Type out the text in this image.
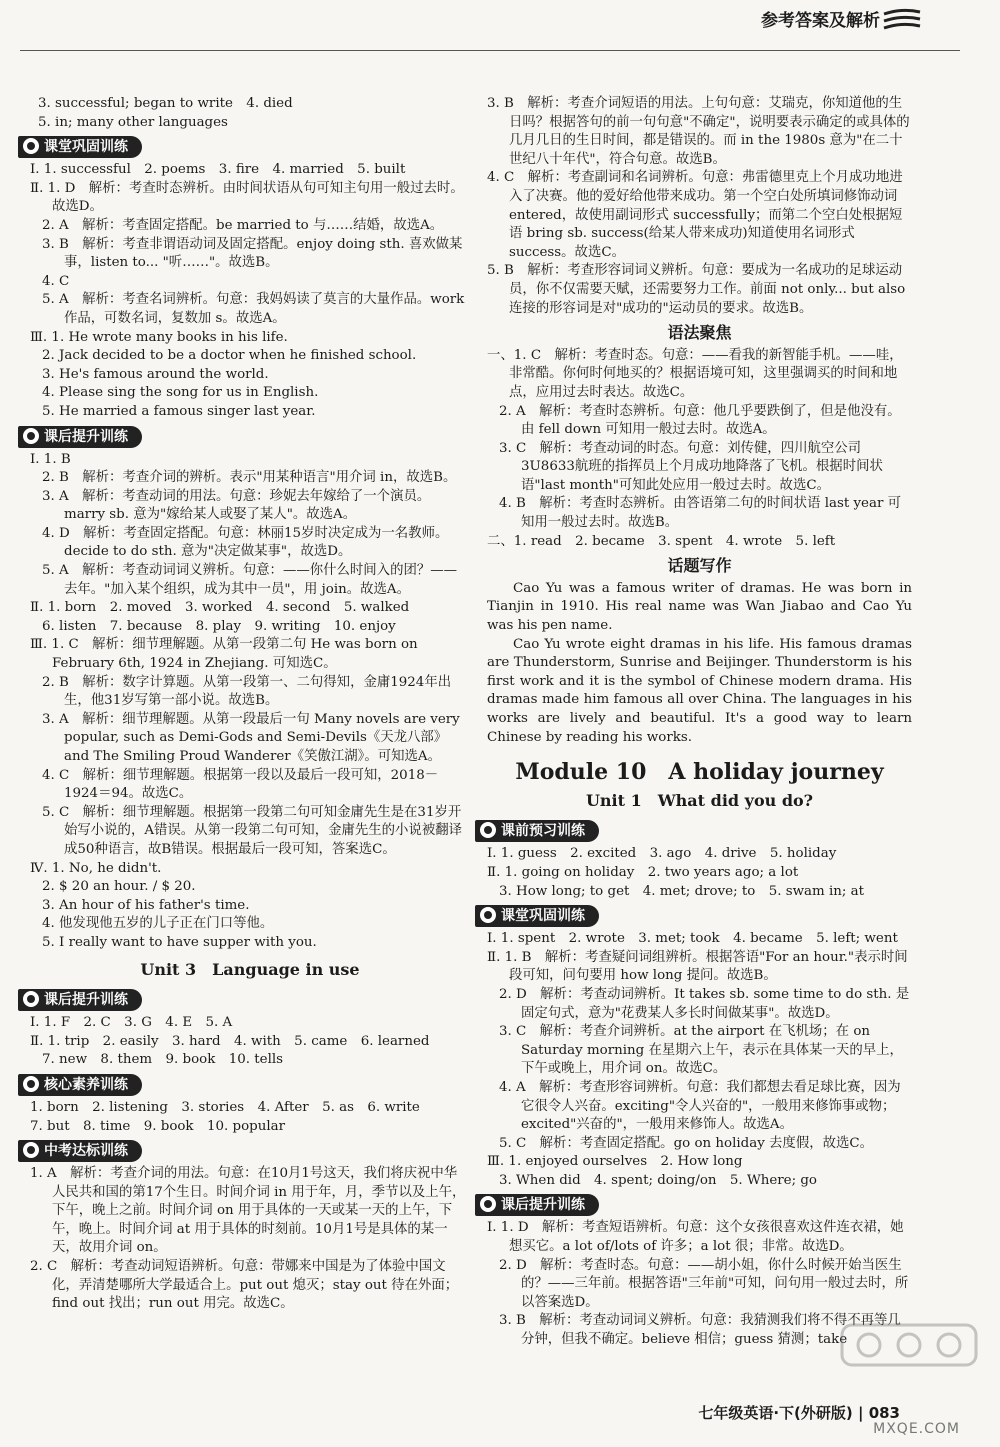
参考答案及解析

3. successful; began to write　4. died

5. in; many other languages

课堂巩固训练

Ⅰ. 1. successful　2. poems　3. fire　4. married　5. built

Ⅱ. 1. D　解析：考查时态辨析。由时间状语从句可知主句用一般过去时。故选D。

2. A　解析：考查固定搭配。be married to 与……结婚，故选A。

3. B　解析：考查非谓语动词及固定搭配。enjoy doing sth. 喜欢做某事，listen to... "听……"。故选B。

4. C

5. A　解析：考查名词辨析。句意：我妈妈读了莫言的大量作品。work 作品，可数名词，复数加 s。故选A。

Ⅲ. 1. He wrote many books in his life.

2. Jack decided to be a doctor when he finished school.

3. He's famous around the world.

4. Please sing the song for us in English.

5. He married a famous singer last year.

课后提升训练

Ⅰ. 1. B

2. B　解析：考查介词的辨析。表示"用某种语言"用介词 in，故选B。

3. A　解析：考查动词的用法。句意：珍妮去年嫁给了一个演员。marry sb. 意为"嫁给某人或娶了某人"。故选A。

4. D　解析：考查固定搭配。句意：林丽15岁时决定成为一名教师。decide to do sth. 意为"决定做某事"，故选D。

5. A　解析：考查动词词义辨析。句意：——你什么时间入的团？——去年。"加入某个组织，成为其中一员"，用 join。故选A。

Ⅱ. 1. born　2. moved　3. worked　4. second　5. walked

6. listen　7. because　8. play　9. writing　10. enjoy

Ⅲ. 1. C　解析：细节理解题。从第一段第二句 He was born on February 6th, 1924 in Zhejiang. 可知选C。

2. B　解析：数字计算题。从第一段第一、二句得知，金庸1924年出生，他31岁写第一部小说。故选B。

3. A　解析：细节理解题。从第一段最后一句 Many novels are very popular, such as Demi-Gods and Semi-Devils《天龙八部》and The Smiling Proud Wanderer《笑傲江湖》。可知选A。

4. C　解析：细节理解题。根据第一段以及最后一段可知，2018－1924＝94。故选C。

5. C　解析：细节理解题。根据第一段第二句可知金庸先生是在31岁开始写小说的，A错误。从第一段第二句可知，金庸先生的小说被翻译成50种语言，故B错误。根据最后一段可知，答案选C。

Ⅳ. 1. No, he didn't.

2. $ 20 an hour. / $ 20.

3. An hour of his father's time.

4. 他发现他五岁的儿子正在门口等他。

5. I really want to have supper with you.

Unit 3　Language in use
课后提升训练

Ⅰ. 1. F　2. C　3. G　4. E　5. A

Ⅱ. 1. trip　2. easily　3. hard　4. with　5. came　6. learned

7. new　8. them　9. book　10. tells

核心素养训练

1. born　2. listening　3. stories　4. After　5. as　6. write

7. but　8. time　9. book　10. popular

中考达标训练

1. A　解析：考查介词的用法。句意：在10月1号这天，我们将庆祝中华人民共和国的第17个生日。时间介词 in 用于年，月，季节以及上午，下午，晚上之前。时间介词 on 用于具体的一天或某一天的上午，下午，晚上。时间介词 at 用于具体的时刻前。10月1号是具体的某一天，故用介词 on。

2. C　解析：考查动词短语辨析。句意：带娜来中国是为了体验中国文化，弄清楚哪所大学最适合上。put out 熄灭；stay out 待在外面；find out 找出；run out 用完。故选C。

3. B　解析：考查介词短语的用法。上句句意：艾瑞克，你知道他的生日吗？根据答句的前一句句意"不确定"，说明要表示确定的或具体的几月几日的生日时间，都是错误的。而 in the 1980s 意为"在二十世纪八十年代"，符合句意。故选B。

4. C　解析：考查副词和名词辨析。句意：弗雷德里克上个月成功地进入了决赛。他的爱好给他带来成功。第一个空白处所填词修饰动词 entered，故使用副词形式 successfully；而第二个空白处根据短语 bring sb. success(给某人带来成功)知道使用名词形式 success。故选C。

5. B　解析：考查形容词词义辨析。句意：要成为一名成功的足球运动员，你不仅需要天赋，还需要努力工作。前面 not only... but also 连接的形容词是对"成功的"运动员的要求。故选B。

语法聚焦

一、1. C　解析：考查时态。句意：——看我的新智能手机。——哇，非常酷。你何时何地买的？根据语境可知，这里强调买的时间和地点，应用过去时表达。故选C。

2. A　解析：考查时态辨析。句意：他几乎要跌倒了，但是他没有。由 fell down 可知用一般过去时。故选A。

3. C　解析：考查动词的时态。句意：刘传健，四川航空公司3U8633航班的指挥员上个月成功地降落了飞机。根据时间状语"last month"可知此处应用一般过去时。故选C。

4. B　解析：考查时态辨析。由答语第二句的时间状语 last year 可知用一般过去时。故选B。

二、1. read　2. became　3. spent　4. wrote　5. left

话题写作

Cao Yu was a famous writer of dramas. He was born in Tianjin in 1910. His real name was Wan Jiabao and Cao Yu was his pen name.

Cao Yu wrote eight dramas in his life. His famous dramas are Thunderstorm, Sunrise and Beijinger. Thunderstorm is his first work and it is the symbol of Chinese modern drama. His dramas made him famous all over China. The languages in his works are lively and beautiful. It's a good way to learn Chinese by reading his works.

Module 10　A holiday journey
Unit 1　What did you do?
课前预习训练

Ⅰ. 1. guess　2. excited　3. ago　4. drive　5. holiday

Ⅱ. 1. going on holiday　2. two years ago; a lot

3. How long; to get　4. met; drove; to　5. swam in; at

课堂巩固训练

Ⅰ. 1. spent　2. wrote　3. met; took　4. became　5. left; went

Ⅱ. 1. B　解析：考查疑问词组辨析。根据答语"For an hour."表示时间段可知，问句要用 how long 提问。故选B。

2. D　解析：考查动词辨析。It takes sb. some time to do sth. 是固定句式，意为"花费某人多长时间做某事"。故选D。

3. C　解析：考查介词辨析。at the airport 在飞机场；在 on Saturday morning 在星期六上午，表示在具体某一天的早上，下午或晚上，用介词 on。故选C。

4. A　解析：考查形容词辨析。句意：我们都想去看足球比赛，因为它很令人兴奋。exciting"令人兴奋的"，一般用来修饰事或物；excited"兴奋的"，一般用来修饰人。故选A。

5. C　解析：考查固定搭配。go on holiday 去度假，故选C。

Ⅲ. 1. enjoyed ourselves　2. How long

3. When did　4. spent; doing/on　5. Where; go

课后提升训练

Ⅰ. 1. D　解析：考查短语辨析。句意：这个女孩很喜欢这件连衣裙，她想买它。a lot of/lots of 许多；a lot 很；非常。故选D。

2. D　解析：考查时态。句意：——胡小姐，你什么时候开始当医生的？——三年前。根据答语"三年前"可知，问句用一般过去时，所以答案选D。

3. B　解析：考查动词词义辨析。句意：我猜测我们将不得不再等几分钟，但我不确定。believe 相信；guess 猜测；take

七年级英语·下(外研版) | 083
MXQE.COM
